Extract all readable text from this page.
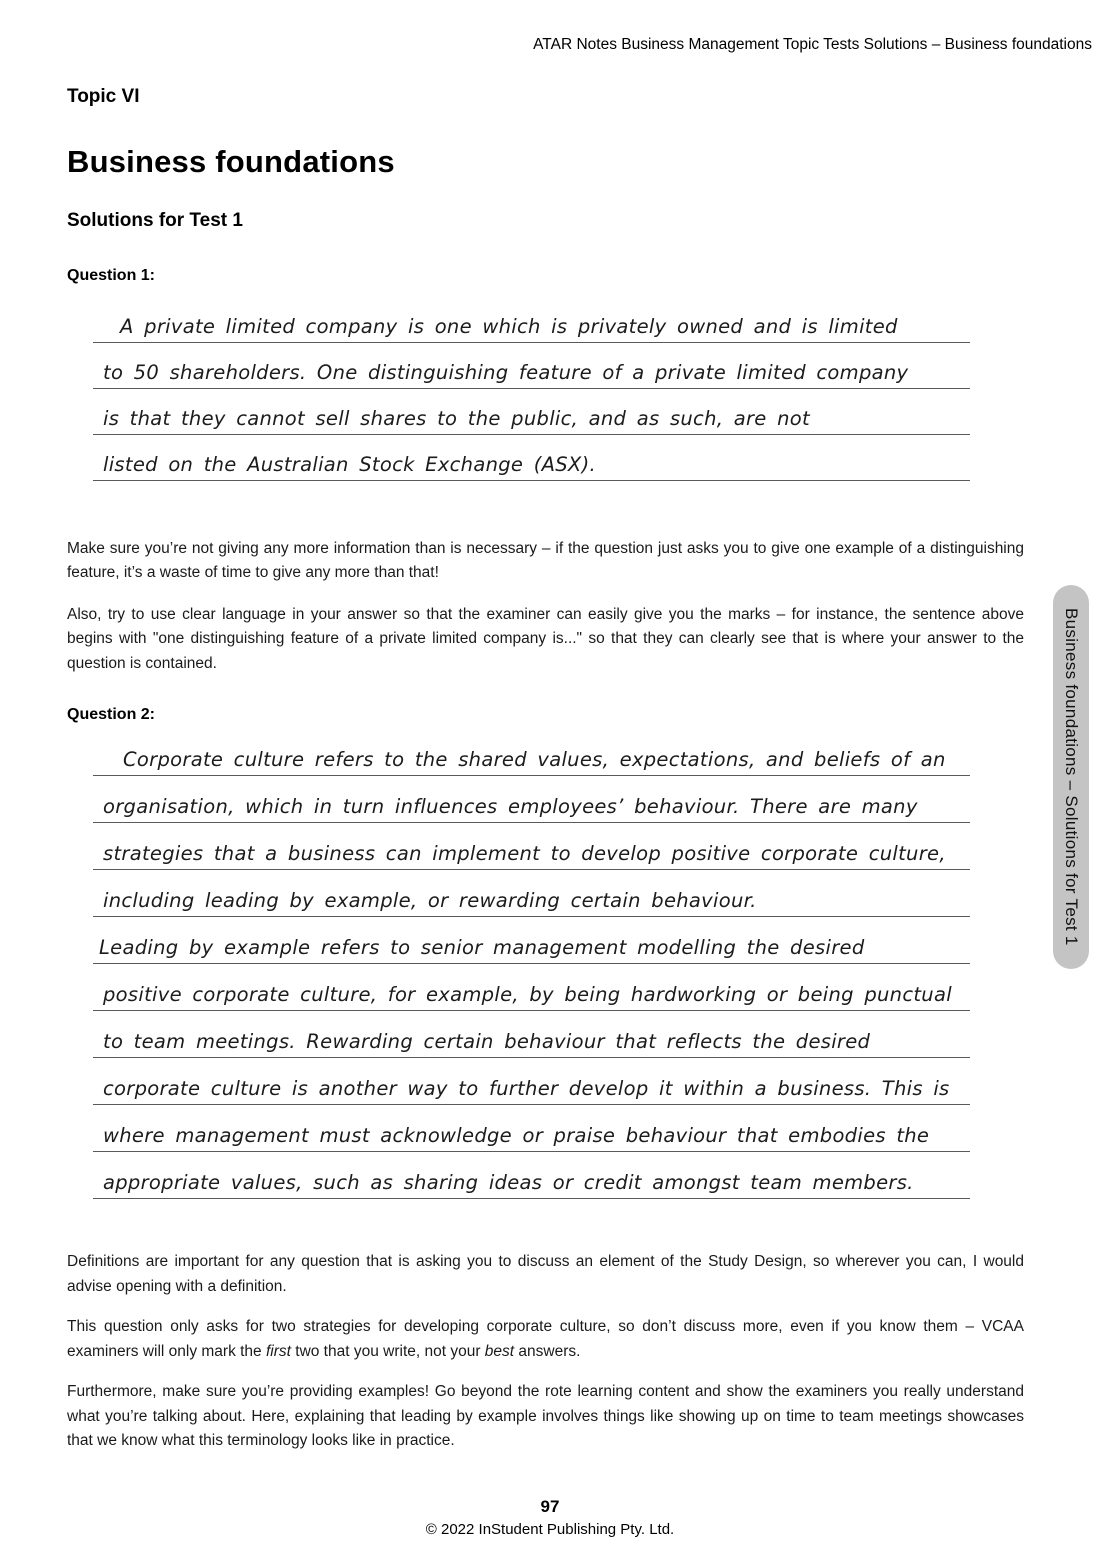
ATAR Notes Business Management Topic Tests Solutions – Business foundations
Topic VI
Business foundations
Solutions for Test 1
Question 1:
A private limited company is one which is privately owned and is limited
to 50 shareholders. One distinguishing feature of a private limited company
is that they cannot sell shares to the public, and as such, are not
listed on the Australian Stock Exchange (ASX).

Make sure you’re not giving any more information than is necessary – if the question just asks you to give one example of a distinguishing feature, it’s a waste of time to give any more than that!

Also, try to use clear language in your answer so that the examiner can easily give you the marks – for instance, the sentence above begins with "one distinguishing feature of a private limited company is..." so that they can clearly see that is where your answer to the question is contained.

Question 2:
Corporate culture refers to the shared values, expectations, and beliefs of an
organisation, which in turn influences employees’ behaviour. There are many
strategies that a business can implement to develop positive corporate culture,
including leading by example, or rewarding certain behaviour.
Leading by example refers to senior management modelling the desired
positive corporate culture, for example, by being hardworking or being punctual
to team meetings. Rewarding certain behaviour that reflects the desired
corporate culture is another way to further develop it within a business. This is
where management must acknowledge or praise behaviour that embodies the
appropriate values, such as sharing ideas or credit amongst team members.

Definitions are important for any question that is asking you to discuss an element of the Study Design, so wherever you can, I would advise opening with a definition.

This question only asks for two strategies for developing corporate culture, so don’t discuss more, even if you know them – VCAA examiners will only mark the first two that you write, not your best answers.

Furthermore, make sure you’re providing examples! Go beyond the rote learning content and show the examiners you really understand what you’re talking about. Here, explaining that leading by example involves things like showing up on time to team meetings showcases that we know what this terminology looks like in practice.

Business foundations – Solutions for Test 1
97
© 2022 InStudent Publishing Pty. Ltd.
